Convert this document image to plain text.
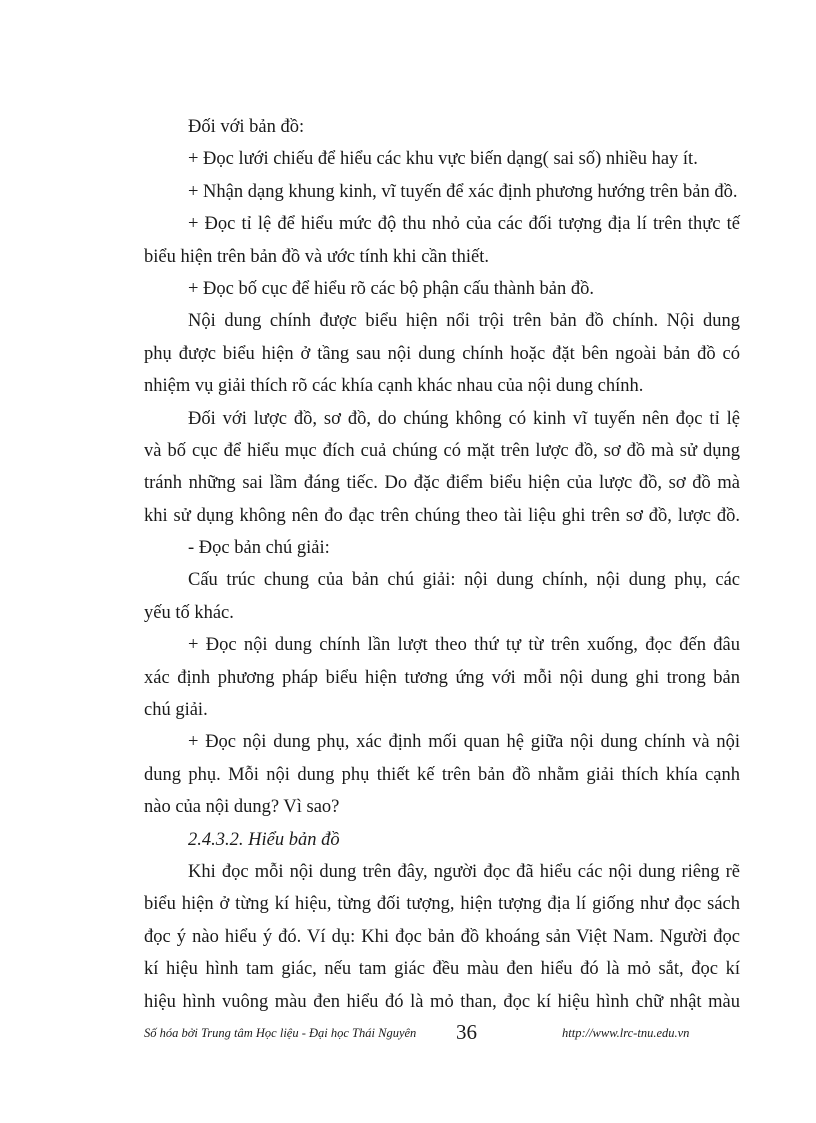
Đối với bản đồ:
+ Đọc lưới chiếu để hiểu các khu vực biến dạng( sai số) nhiều hay ít.
+ Nhận dạng khung kinh, vĩ tuyến để xác định phương hướng trên bản đồ.
+ Đọc tỉ lệ để hiểu mức độ thu nhỏ của các đối tượng địa lí trên thực tế
biểu hiện trên bản đồ và ước tính khi cần thiết.
+ Đọc bố cục để hiểu rõ các bộ phận cấu thành bản đồ.
Nội dung chính được biểu hiện nổi trội trên bản đồ chính. Nội dung
phụ được biểu hiện ở tầng sau nội dung chính hoặc đặt bên ngoài bản đồ có
nhiệm vụ giải thích rõ các khía cạnh khác nhau của nội dung chính.
Đối với lược đồ, sơ đồ, do chúng không có kinh vĩ tuyến nên đọc tỉ lệ
và bố cục để hiểu mục đích cuả chúng có mặt trên lược đồ, sơ đồ mà sử dụng
tránh những sai lầm đáng tiếc. Do đặc điểm biểu hiện của lược đồ, sơ đồ mà
khi sử dụng không nên đo đạc trên chúng theo tài liệu ghi trên sơ đồ, lược đồ.
- Đọc bản chú giải:
Cấu trúc chung của bản chú giải: nội dung chính, nội dung phụ, các
yếu tố khác.
+ Đọc nội dung chính lần lượt theo thứ tự từ trên xuống, đọc đến đâu
xác định phương pháp biểu hiện tương ứng với mỗi nội dung ghi trong bản
chú giải.
+ Đọc nội dung phụ, xác định mối quan hệ giữa nội dung chính và nội
dung phụ. Mỗi nội dung phụ thiết kế trên bản đồ nhằm giải thích khía cạnh
nào của nội dung? Vì sao?
2.4.3.2. Hiểu bản đồ
Khi đọc mỗi nội dung trên đây, người đọc đã hiểu các nội dung riêng rẽ
biểu hiện ở từng kí hiệu, từng đối tượng, hiện tượng địa lí giống như đọc sách
đọc ý nào hiểu ý đó. Ví dụ: Khi đọc bản đồ khoáng sản Việt Nam. Người đọc
kí hiệu hình tam giác, nếu tam giác đều màu đen hiểu đó là mỏ sắt, đọc kí
hiệu hình vuông màu đen hiểu đó là mỏ than, đọc kí hiệu hình chữ nhật màu
Số hóa bởi Trung tâm Học liệu - Đại học Thái Nguyên 36	http://www.lrc-tnu.edu.vn
